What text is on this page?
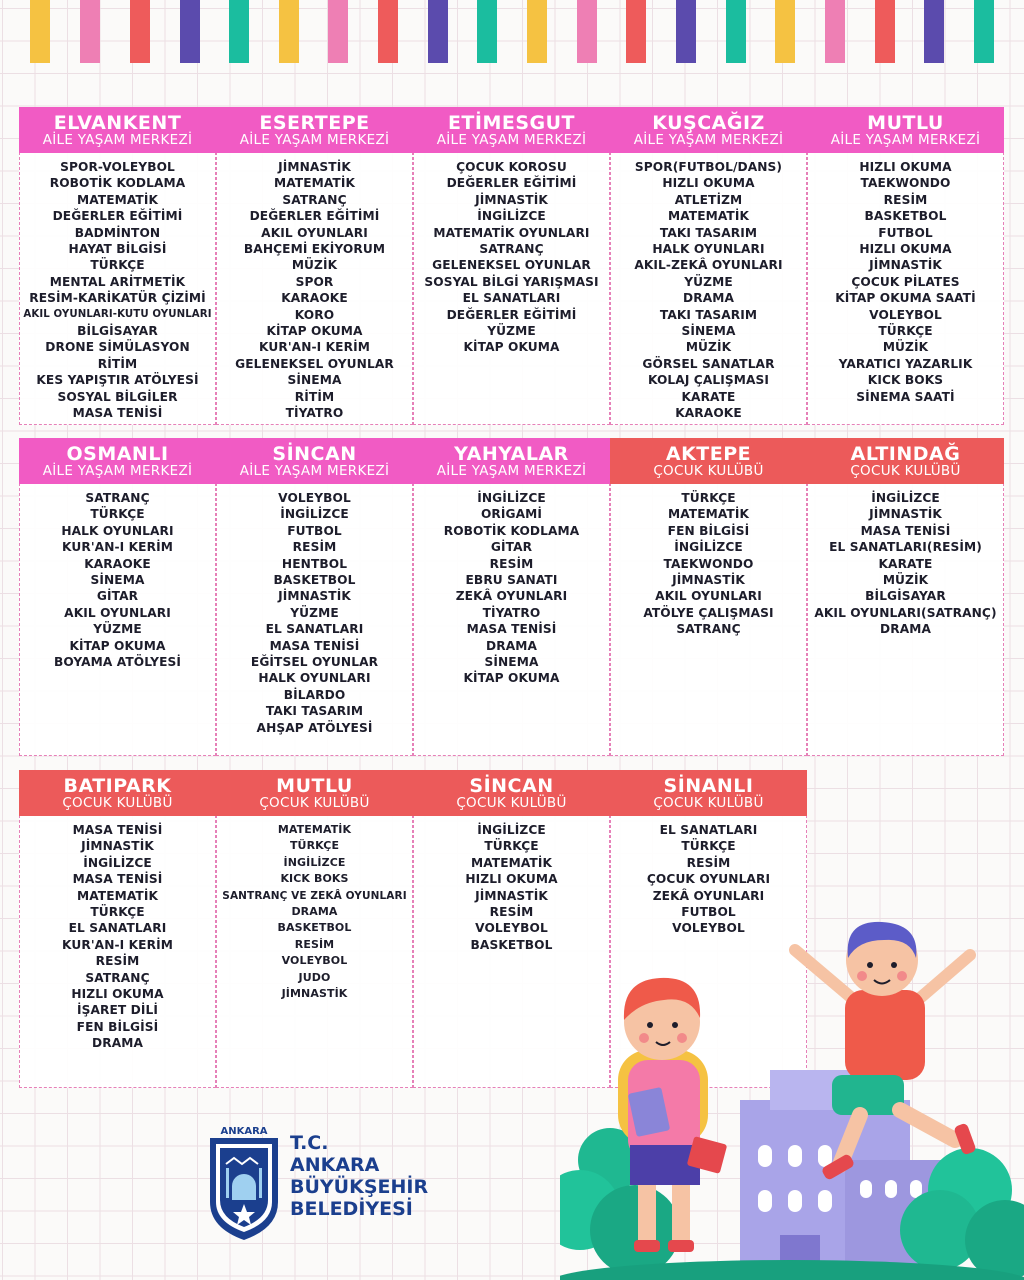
ELVANKENT
AİLE YAŞAM MERKEZİ
SPOR-VOLEYBOL
ROBOTİK KODLAMA
MATEMATİK
DEĞERLER EĞİTİMİ
BADMİNTON
HAYAT BİLGİSİ
TÜRKÇE
MENTAL ARİTMETİK
RESİM-KARİKATÜR ÇİZİMİ
AKIL OYUNLARI-KUTU OYUNLARI
BİLGİSAYAR
DRONE SİMÜLASYON
RİTİM
KES YAPIŞTIR ATÖLYESİ
SOSYAL BİLGİLER
MASA TENİSİ
ESERTEPE
AİLE YAŞAM MERKEZİ
JİMNASTİK
MATEMATİK
SATRANÇ
DEĞERLER EĞİTİMİ
AKIL OYUNLARI
BAHÇEMİ EKİYORUM
MÜZİK
SPOR
KARAOKE
KORO
KİTAP OKUMA
KUR'AN-I KERİM
GELENEKSEL OYUNLAR
SİNEMA
RİTİM
TİYATRO
ETİMESGUT
AİLE YAŞAM MERKEZİ
ÇOCUK KOROSU
DEĞERLER EĞİTİMİ
JİMNASTİK
İNGİLİZCE
MATEMATİK OYUNLARI
SATRANÇ
GELENEKSEL OYUNLAR
SOSYAL BİLGİ YARIŞMASI
EL SANATLARI
DEĞERLER EĞİTİMİ
YÜZME
KİTAP OKUMA
KUŞCAĞIZ
AİLE YAŞAM MERKEZİ
SPOR(FUTBOL/DANS)
HIZLI OKUMA
ATLETİZM
MATEMATİK
TAKI TASARIM
HALK OYUNLARI
AKIL-ZEKÂ OYUNLARI
YÜZME
DRAMA
TAKI TASARIM
SİNEMA
MÜZİK
GÖRSEL SANATLAR
KOLAJ ÇALIŞMASI
KARATE
KARAOKE
MUTLU
AİLE YAŞAM MERKEZİ
HIZLI OKUMA
TAEKWONDO
RESİM
BASKETBOL
FUTBOL
HIZLI OKUMA
JİMNASTİK
ÇOCUK PİLATES
KİTAP OKUMA SAATİ
VOLEYBOL
TÜRKÇE
MÜZİK
YARATICI YAZARLIK
KICK BOKS
SİNEMA SAATİ
OSMANLI
AİLE YAŞAM MERKEZİ
SATRANÇ
TÜRKÇE
HALK OYUNLARI
KUR'AN-I KERİM
KARAOKE
SİNEMA
GİTAR
AKIL OYUNLARI
YÜZME
KİTAP OKUMA
BOYAMA ATÖLYESİ
SİNCAN
AİLE YAŞAM MERKEZİ
VOLEYBOL
İNGİLİZCE
FUTBOL
RESİM
HENTBOL
BASKETBOL
JİMNASTİK
YÜZME
EL SANATLARI
MASA TENİSİ
EĞİTSEL OYUNLAR
HALK OYUNLARI
BİLARDO
TAKI TASARIM
AHŞAP ATÖLYESİ
YAHYALAR
AİLE YAŞAM MERKEZİ
İNGİLİZCE
ORİGAMİ
ROBOTİK KODLAMA
GİTAR
RESİM
EBRU SANATI
ZEKÂ OYUNLARI
TİYATRO
MASA TENİSİ
DRAMA
SİNEMA
KİTAP OKUMA
AKTEPE
ÇOCUK KULÜBÜ
TÜRKÇE
MATEMATİK
FEN BİLGİSİ
İNGİLİZCE
TAEKWONDO
JİMNASTİK
AKIL OYUNLARI
ATÖLYE ÇALIŞMASI
SATRANÇ
ALTINDAĞ
ÇOCUK KULÜBÜ
İNGİLİZCE
JİMNASTİK
MASA TENİSİ
EL SANATLARI(RESİM)
KARATE
MÜZİK
BİLGİSAYAR
AKIL OYUNLARI(SATRANÇ)
DRAMA
BATIPARK
ÇOCUK KULÜBÜ
MASA TENİSİ
JİMNASTİK
İNGİLİZCE
MASA TENİSİ
MATEMATİK
TÜRKÇE
EL SANATLARI
KUR'AN-I KERİM
RESİM
SATRANÇ
HIZLI OKUMA
İŞARET DİLİ
FEN BİLGİSİ
DRAMA
MUTLU
ÇOCUK KULÜBÜ
MATEMATİK
TÜRKÇE
İNGİLİZCE
KICK BOKS
SANTRANÇ VE ZEKÂ OYUNLARI
DRAMA
BASKETBOL
RESİM
VOLEYBOL
JUDO
JİMNASTİK
SİNCAN
ÇOCUK KULÜBÜ
İNGİLİZCE
TÜRKÇE
MATEMATİK
HIZLI OKUMA
JİMNASTİK
RESİM
VOLEYBOL
BASKETBOL
SİNANLI
ÇOCUK KULÜBÜ
EL SANATLARI
TÜRKÇE
RESİM
ÇOCUK OYUNLARI
ZEKÂ OYUNLARI
FUTBOL
VOLEYBOL
ANKARA
T.C.
ANKARA
BÜYÜKŞEHİR
BELEDİYESİ
